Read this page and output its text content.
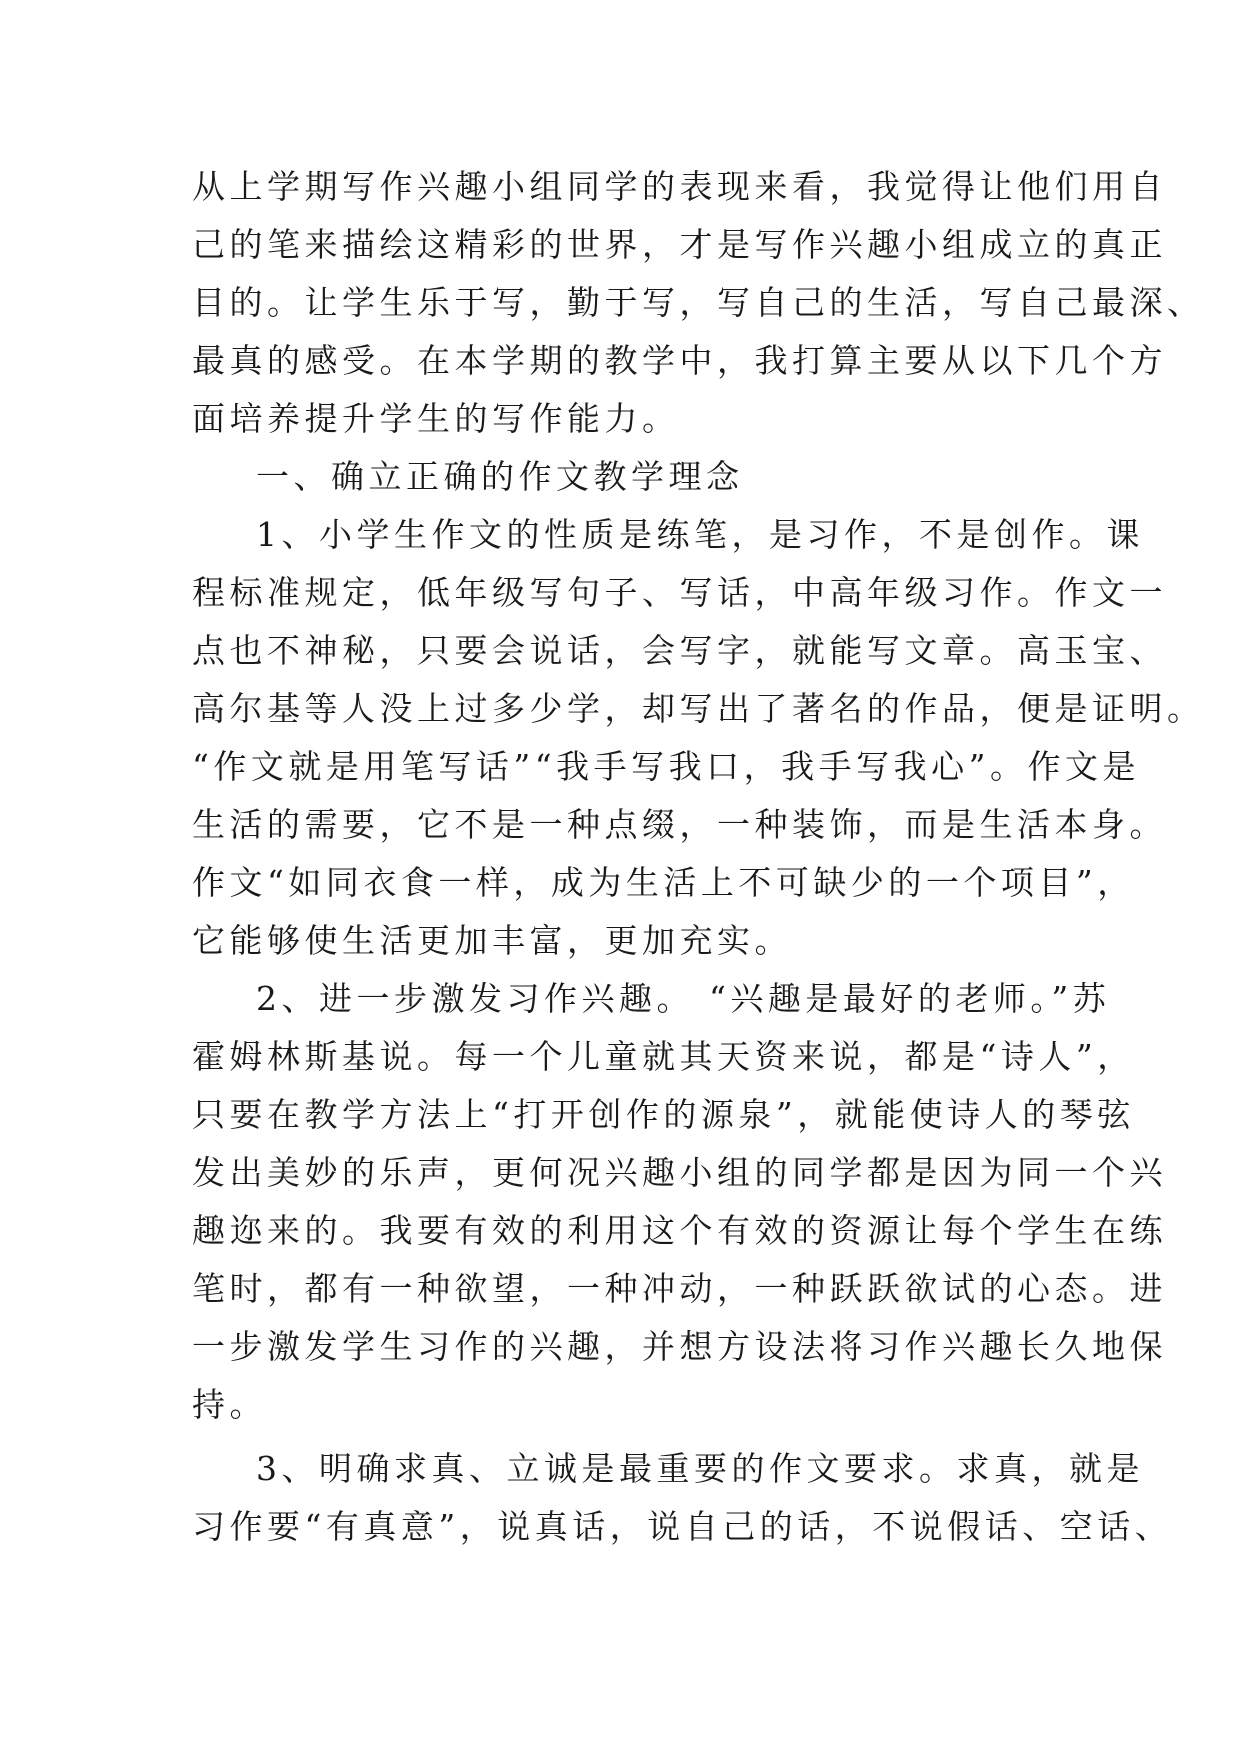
从上学期写作兴趣小组同学的表现来看，我觉得让他们用自
己的笔来描绘这精彩的世界，才是写作兴趣小组成立的真正
目的。让学生乐于写，勤于写，写自己的生活，写自己最深、
最真的感受。在本学期的教学中，我打算主要从以下几个方
面培养提升学生的写作能力。
一、确立正确的作文教学理念
1、小学生作文的性质是练笔，是习作，不是创作。课
程标准规定，低年级写句子、写话，中高年级习作。作文一
点也不神秘，只要会说话，会写字，就能写文章。高玉宝、
高尔基等人没上过多少学，却写出了著名的作品，便是证明。
“作文就是用笔写话”“我手写我口，我手写我心”。作文是
生活的需要，它不是一种点缀，一种装饰，而是生活本身。
作文“如同衣食一样，成为生活上不可缺少的一个项目”，
它能够使生活更加丰富，更加充实。
2、进一步激发习作兴趣。 “兴趣是最好的老师。”苏
霍姆林斯基说。每一个儿童就其天资来说，都是“诗人”，
只要在教学方法上“打开创作的源泉”，就能使诗人的琴弦
发出美妙的乐声，更何况兴趣小组的同学都是因为同一个兴
趣迩来的。我要有效的利用这个有效的资源让每个学生在练
笔时，都有一种欲望，一种冲动，一种跃跃欲试的心态。进
一步激发学生习作的兴趣，并想方设法将习作兴趣长久地保
持。
3、明确求真、立诚是最重要的作文要求。求真，就是
习作要“有真意”，说真话，说自己的话，不说假话、空话、
